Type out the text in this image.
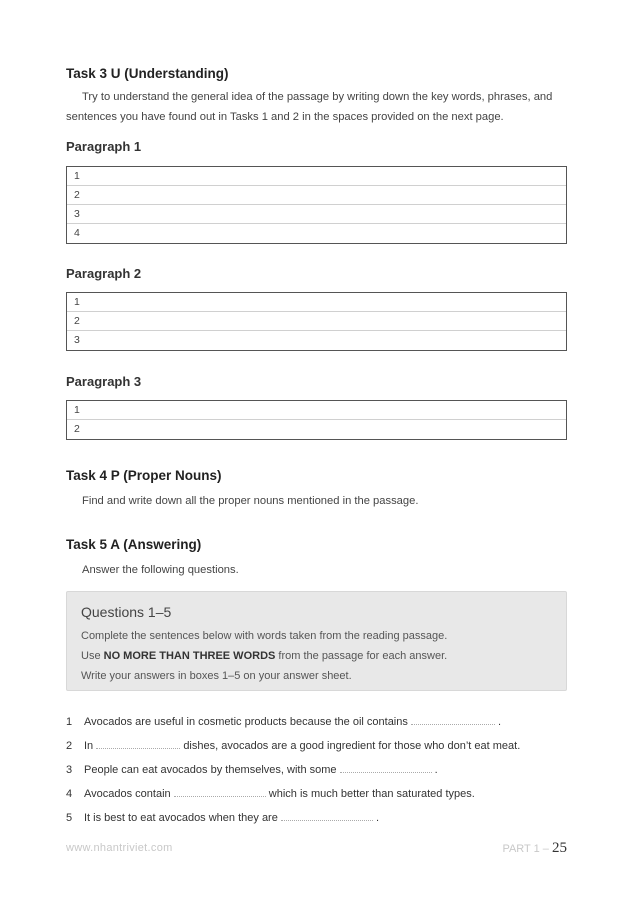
Task 3 U (Understanding)
Try to understand the general idea of the passage by writing down the key words, phrases, and sentences you have found out in Tasks 1 and 2 in the spaces provided on the next page.
Paragraph 1
1
2
3
4
Paragraph 2
1
2
3
Paragraph 3
1
2
Task 4 P (Proper Nouns)
Find and write down all the proper nouns mentioned in the passage.
Task 5 A (Answering)
Answer the following questions.
Questions 1–5
Complete the sentences below with words taken from the reading passage.
Use NO MORE THAN THREE WORDS from the passage for each answer.
Write your answers in boxes 1–5 on your answer sheet.
1 Avocados are useful in cosmetic products because the oil contains	.
2 In	dishes, avocados are a good ingredient for those who don’t eat meat.
3 People can eat avocados by themselves, with some	.
4 Avocados contain	which is much better than saturated types.
5 It is best to eat avocados when they are	.
www.nhantriviet.com	PART 1 – 25
